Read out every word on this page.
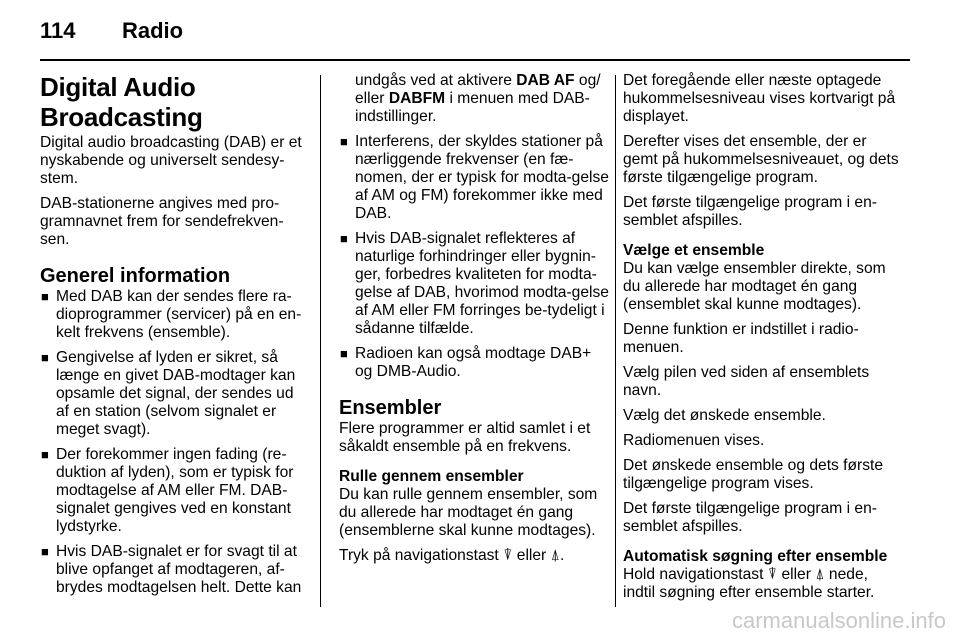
114 Radio
Digital Audio Broadcasting

Digital audio broadcasting (DAB) er et nyskabende og universelt sendesy-stem.

DAB-stationerne angives med pro-gramnavnet frem for sendefrekven-sen.

Generel information
■ Med DAB kan der sendes flere ra-dioprogrammer (servicer) på en en-kelt frekvens (ensemble).
■ Gengivelse af lyden er sikret, så længe en givet DAB-modtager kan opsamle det signal, der sendes ud af en station (selvom signalet er meget svagt).
■ Der forekommer ingen fading (re-duktion af lyden), som er typisk for modtagelse af AM eller FM. DAB-signalet gengives ved en konstant lydstyrke.
■ Hvis DAB-signalet er for svagt til at blive opfanget af modtageren, af-brydes modtagelsen helt. Dette kan

undgås ved at aktivere DAB AF og/ eller DABFM i menuen med DAB-indstillinger.

■ Interferens, der skyldes stationer på nærliggende frekvenser (en fæ-nomen, der er typisk for modta-gelse af AM og FM) forekommer ikke med DAB.
■ Hvis DAB-signalet reflekteres af naturlige forhindringer eller bygnin-ger, forbedres kvaliteten for modta-gelse af DAB, hvorimod modta-gelse af AM eller FM forringes be-tydeligt i sådanne tilfælde.
■ Radioen kan også modtage DAB+ og DMB-Audio.
Ensembler

Flere programmer er altid samlet i et såkaldt ensemble på en frekvens.

Rulle gennem ensembler

Du kan rulle gennem ensembler, som du allerede har modtaget én gang (ensemblerne skal kunne modtages).

Tryk på navigationstast ⍒ eller ⍋.

Det foregående eller næste optagede hukommelsesniveau vises kortvarigt på displayet.

Derefter vises det ensemble, der er gemt på hukommelsesniveauet, og dets første tilgængelige program.

Det første tilgængelige program i en-semblet afspilles.

Vælge et ensemble

Du kan vælge ensembler direkte, som du allerede har modtaget én gang (ensemblet skal kunne modtages).

Denne funktion er indstillet i radio-menuen.

Vælg pilen ved siden af ensemblets navn.

Vælg det ønskede ensemble.

Radiomenuen vises.

Det ønskede ensemble og dets første tilgængelige program vises.

Det første tilgængelige program i en-semblet afspilles.

Automatisk søgning efter ensemble

Hold navigationstast ⍒ eller ⍋ nede, indtil søgning efter ensemble starter.

carmanualsonline.info
